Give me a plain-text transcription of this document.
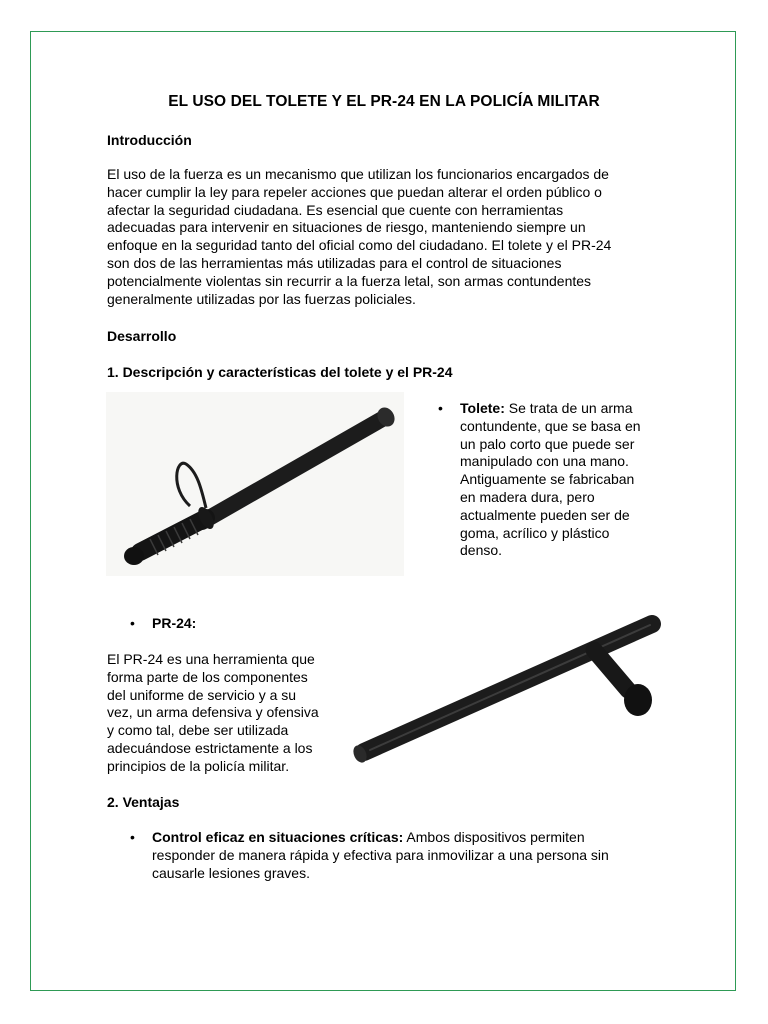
EL USO DEL TOLETE Y EL PR-24 EN LA POLICÍA MILITAR
Introducción
El uso de la fuerza es un mecanismo que utilizan los funcionarios encargados de
hacer cumplir la ley para repeler acciones que puedan alterar el orden público o
afectar la seguridad ciudadana. Es esencial que cuente con herramientas
adecuadas para intervenir en situaciones de riesgo, manteniendo siempre un
enfoque en la seguridad tanto del oficial como del ciudadano. El tolete y el PR-24
son dos de las herramientas más utilizadas para el control de situaciones
potencialmente violentas sin recurrir a la fuerza letal, son armas contundentes
generalmente utilizadas por las fuerzas policiales.
Desarrollo
1. Descripción y características del tolete y el PR-24
• Tolete: Se trata de un arma
contundente, que se basa en
un palo corto que puede ser
manipulado con una mano.
Antiguamente se fabricaban
en madera dura, pero
actualmente pueden ser de
goma, acrílico y plástico
denso.
• PR-24:
El PR-24 es una herramienta que
forma parte de los componentes
del uniforme de servicio y a su
vez, un arma defensiva y ofensiva
y como tal, debe ser utilizada
adecuándose estrictamente a los
principios de la policía militar.
2. Ventajas
• Control eficaz en situaciones críticas: Ambos dispositivos permiten
responder de manera rápida y efectiva para inmovilizar a una persona sin
causarle lesiones graves.
